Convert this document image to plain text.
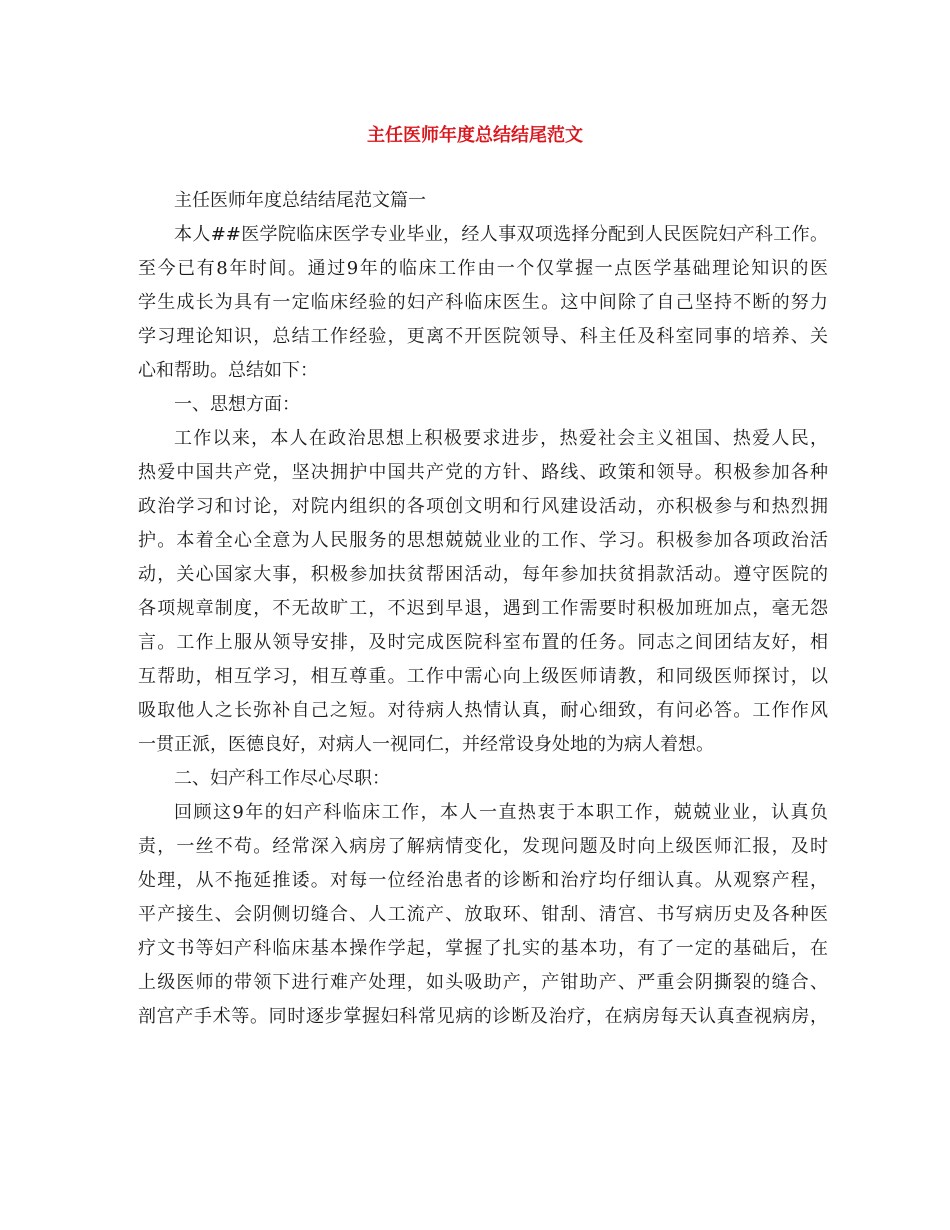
主任医师年度总结结尾范文
主任医师年度总结结尾范文篇一
本人##医学院临床医学专业毕业，经人事双项选择分配到人民医院妇产科工作。
至今已有8年时间。通过9年的临床工作由一个仅掌握一点医学基础理论知识的医
学生成长为具有一定临床经验的妇产科临床医生。这中间除了自己坚持不断的努力
学习理论知识，总结工作经验，更离不开医院领导、科主任及科室同事的培养、关
心和帮助。总结如下：
一、思想方面：
工作以来，本人在政治思想上积极要求进步，热爱社会主义祖国、热爱人民，
热爱中国共产党，坚决拥护中国共产党的方针、路线、政策和领导。积极参加各种
政治学习和讨论，对院内组织的各项创文明和行风建设活动，亦积极参与和热烈拥
护。本着全心全意为人民服务的思想兢兢业业的工作、学习。积极参加各项政治活
动，关心国家大事，积极参加扶贫帮困活动，每年参加扶贫捐款活动。遵守医院的
各项规章制度，不无故旷工，不迟到早退，遇到工作需要时积极加班加点，毫无怨
言。工作上服从领导安排，及时完成医院科室布置的任务。同志之间团结友好，相
互帮助，相互学习，相互尊重。工作中需心向上级医师请教，和同级医师探讨，以
吸取他人之长弥补自己之短。对待病人热情认真，耐心细致，有问必答。工作作风
一贯正派，医德良好，对病人一视同仁，并经常设身处地的为病人着想。
二、妇产科工作尽心尽职：
回顾这9年的妇产科临床工作，本人一直热衷于本职工作，兢兢业业，认真负
责，一丝不苟。经常深入病房了解病情变化，发现问题及时向上级医师汇报，及时
处理，从不拖延推诿。对每一位经治患者的诊断和治疗均仔细认真。从观察产程，
平产接生、会阴侧切缝合、人工流产、放取环、钳刮、清宫、书写病历史及各种医
疗文书等妇产科临床基本操作学起，掌握了扎实的基本功，有了一定的基础后，在
上级医师的带领下进行难产处理，如头吸助产，产钳助产、严重会阴撕裂的缝合、
剖宫产手术等。同时逐步掌握妇科常见病的诊断及治疗，在病房每天认真查视病房，
